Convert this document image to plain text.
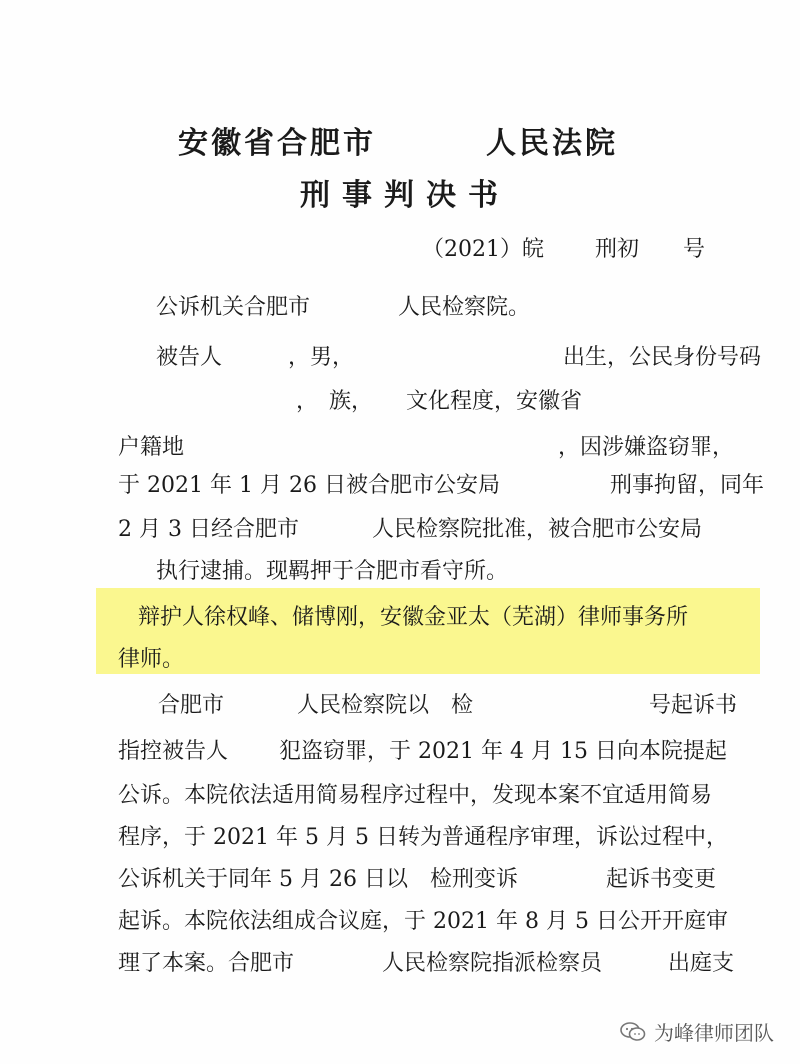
安徽省合肥市	人民法院
刑事判决书
（2021）皖　　 刑初　　号
公诉机关合肥市　　　　人民检察院。
被告人　　　，男，　　　　　　　　　　出生，公民身份号码
，　族，　　文化程度，安徽省
户籍地　　　　　　　　　　　　　　　　　，因涉嫌盗窃罪，
于 2021 年 1 月 26 日被合肥市公安局　　　　　刑事拘留，同年
2 月 3 日经合肥市　　　 人民检察院批准，被合肥市公安局
执行逮捕。现羁押于合肥市看守所。
辩护人徐权峰、储博刚，安徽金亚太（芜湖）律师事务所
律师。
合肥市　　　 人民检察院以　检　　　　　　　　号起诉书
指控被告人　　 犯盗窃罪，于 2021 年 4 月 15 日向本院提起
公诉。本院依法适用简易程序过程中，发现本案不宜适用简易
程序，于 2021 年 5 月 5 日转为普通程序审理，诉讼过程中，
公诉机关于同年 5 月 26 日以　检刑变诉　　　　起诉书变更
起诉。本院依法组成合议庭，于 2021 年 8 月 5 日公开开庭审
理了本案。合肥市　　　　人民检察院指派检察员　　　出庭支
为峰律师团队
